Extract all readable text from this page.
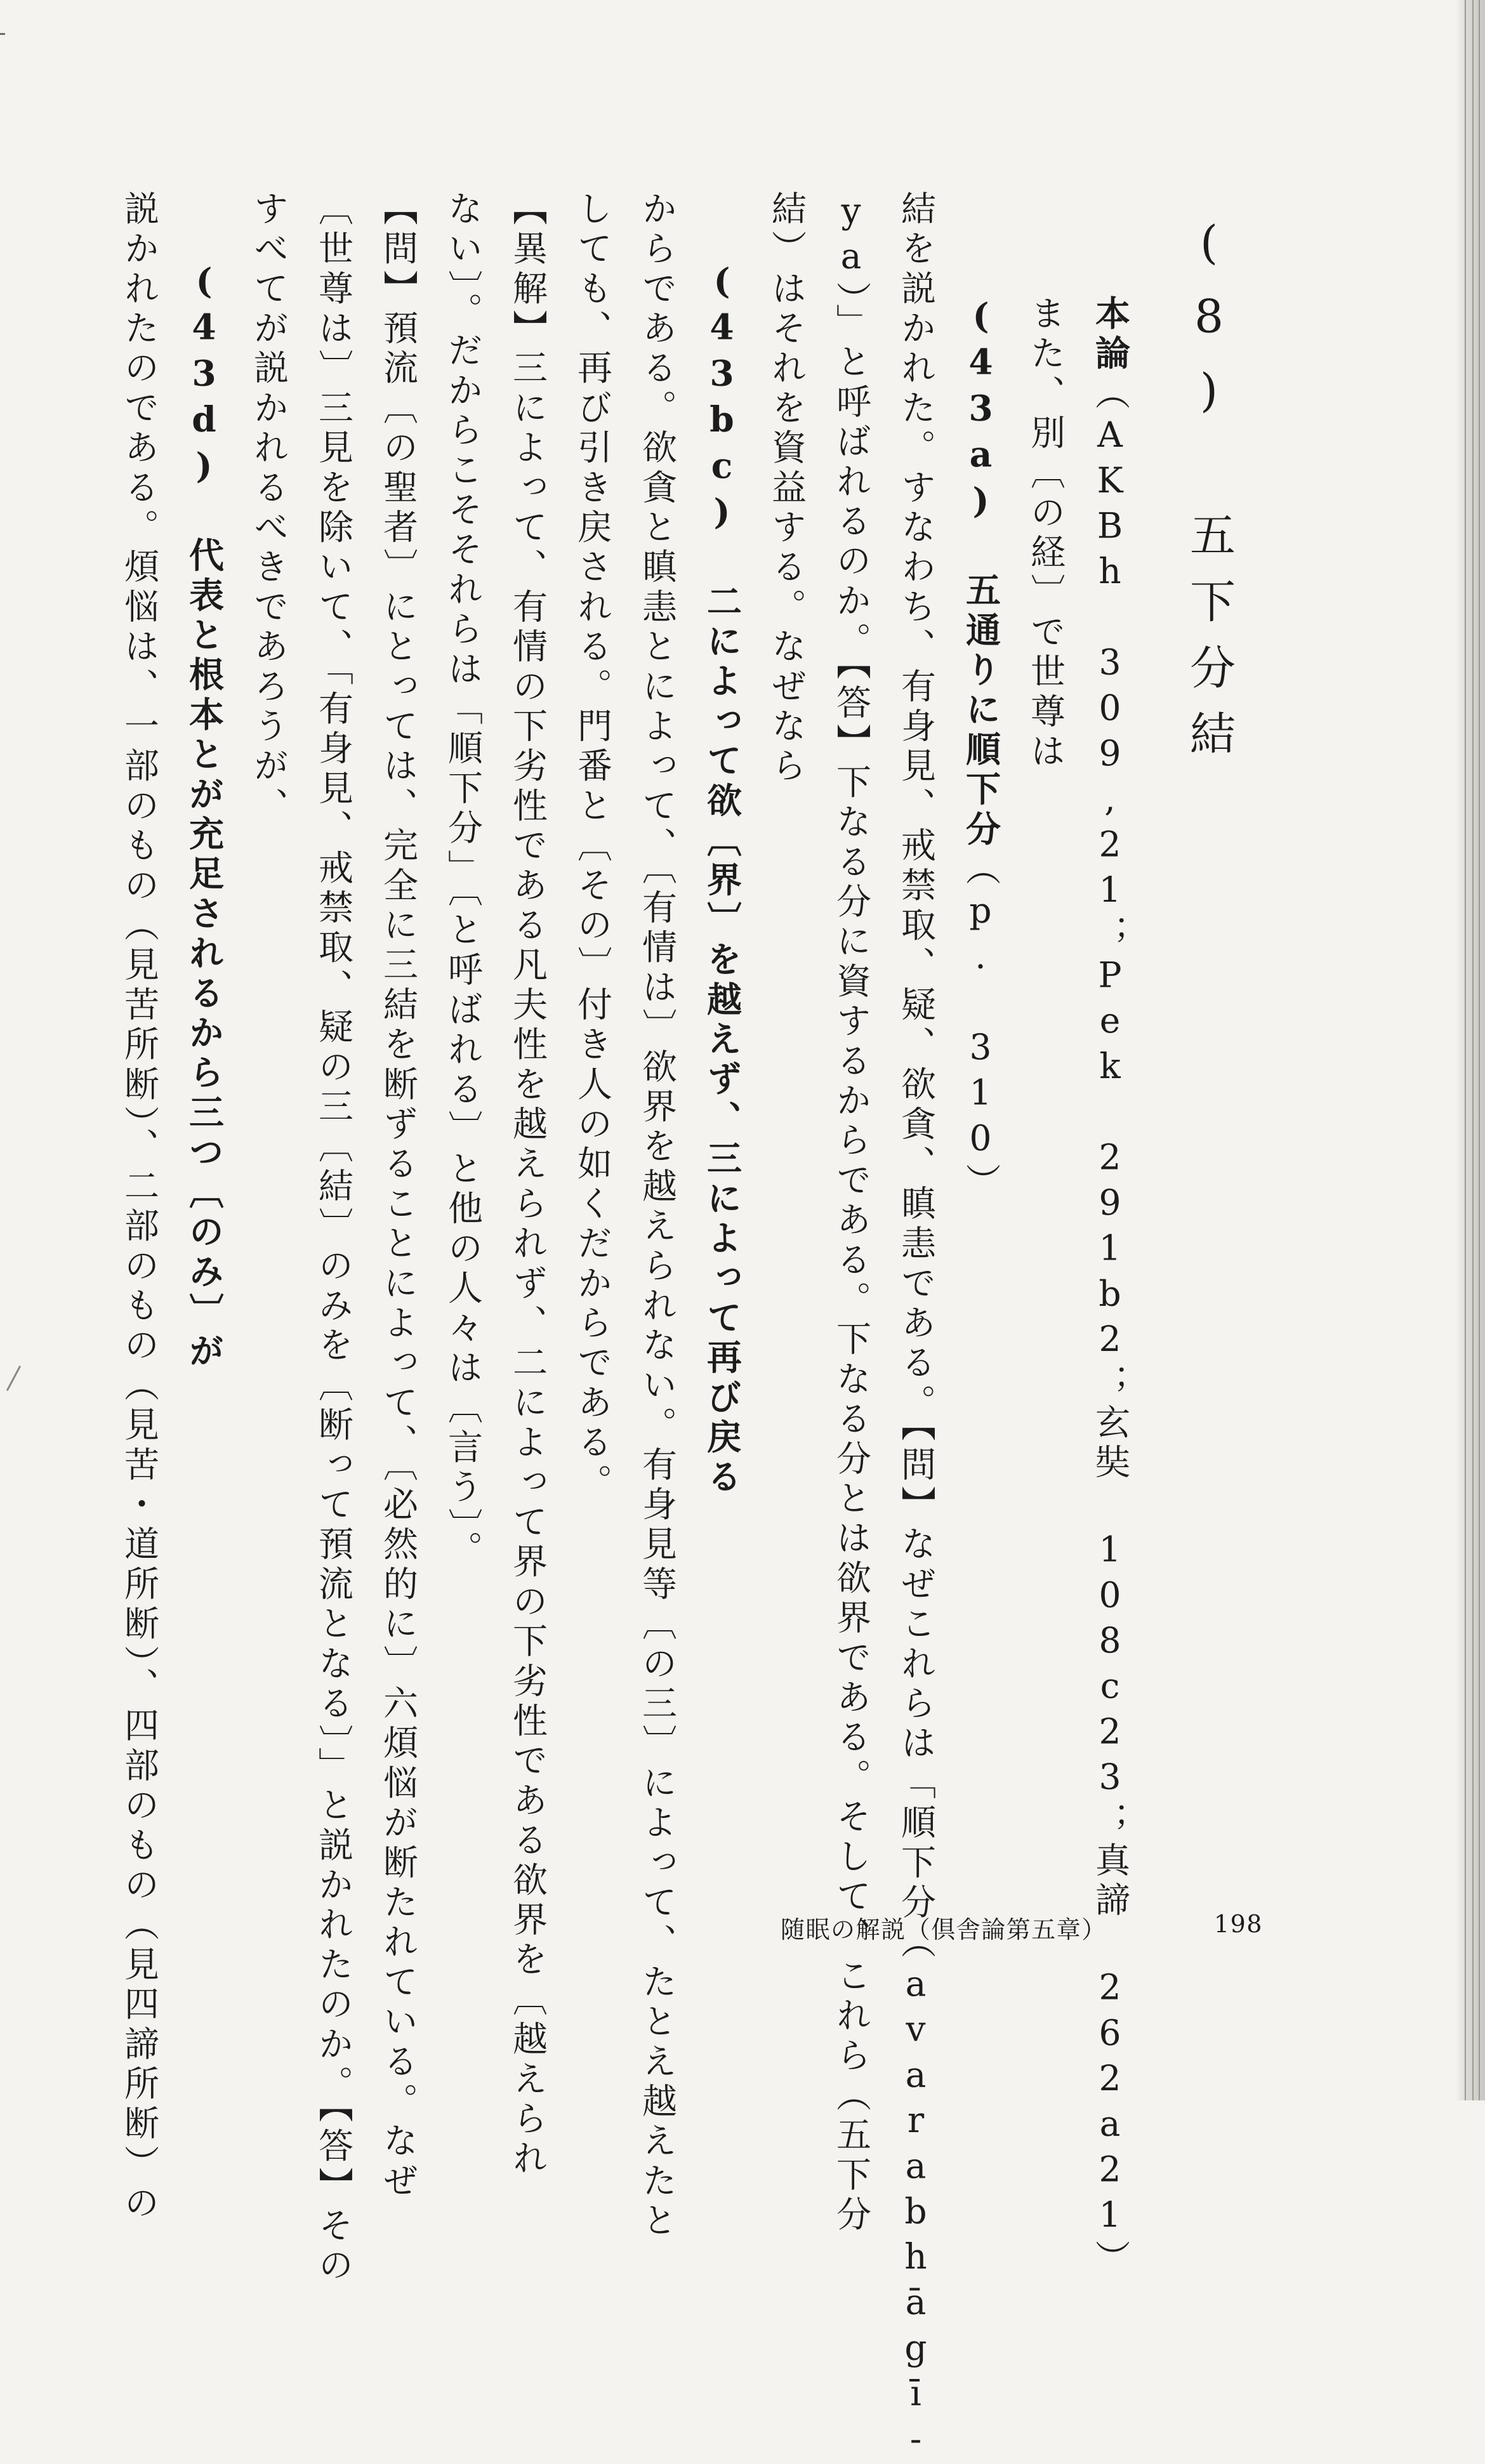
(8) 五下分結

本論（AKBh 309,21；Pek 291b2；玄奘 108c23；真諦 262a21）

また、別〔の経〕で世尊は

(43a) 五通りに順下分（p. 310）

結を説かれた。すなわち、有身見、戒禁取、疑、欲貪、瞋恚である。【問】なぜこれらは「順下分（avarabhāgī-

ya）」と呼ばれるのか。【答】下なる分に資するからである。下なる分とは欲界である。そして、これら（五下分

結）はそれを資益する。なぜなら

(43bc) 二によって欲〔界〕を越えず、三によって再び戻る

からである。欲貪と瞋恚とによって、〔有情は〕欲界を越えられない。有身見等〔の三〕によって、たとえ越えたと

しても、再び引き戻される。門番と〔その〕付き人の如くだからである。

【異解】三によって、有情の下劣性である凡夫性を越えられず、二によって界の下劣性である欲界を〔越えられ

ない〕。だからこそそれらは「順下分」〔と呼ばれる〕と他の人々は〔言う〕。

【問】預流〔の聖者〕にとっては、完全に三結を断ずることによって、〔必然的に〕六煩悩が断たれている。なぜ

〔世尊は〕三見を除いて、「有身見、戒禁取、疑の三〔結〕のみを〔断って預流となる〕」と説かれたのか。【答】その

すべてが説かれるべきであろうが、

(43d) 代表と根本とが充足されるから三つ〔のみ〕が

説かれたのである。煩悩は、一部のもの（見苦所断）、二部のもの（見苦・道所断）、四部のもの（見四諦所断）の	随眠の解説（倶舎論第五章）	198
